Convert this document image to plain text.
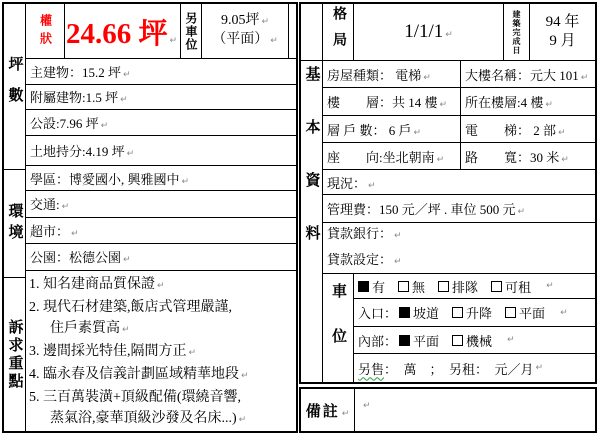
坪數
環境
訴求重點
權狀 24.66 坪 ↵ 另車位 9.05坪 ↵
（平面） ↵
主建物：15.2 坪 ↵
附屬建物:1.5 坪 ↵
公設:7.96 坪 ↵
土地持分:4.19 坪 ↵
學區：博愛國小, 興雅國中 ↵
交通: ↵
超市： ↵
公園：松德公園 ↵
1. 知名建商品質保證 ↵
2. 現代石材建築,飯店式管理嚴謹,
住戶素質高 ↵
3. 邊間採光特佳,隔間方正 ↵
4. 臨永春及信義計劃區域精華地段 ↵
5. 三百萬裝潢+頂級配備(環繞音響,
蒸氣浴,豪華頂級沙發及名床...) ↵
基本資料
格局	1/1/1 ↵	建築完成日 94 年
9 月
房屋種類： 電梯 ↵	大樓名稱：元大 101 ↵
樓　　層：共 14 樓 ↵	所在樓層:4 樓 ↵
層 戶 數： 6 戶 ↵	電　　梯： 2 部 ↵
座　　向:坐北朝南 ↵	路　　寬：30 米 ↵
現況： ↵
管理費：150 元／坪 . 車位 500 元 ↵
貸款銀行： ↵
貸款設定： ↵
車位 有 無 排隊 可租 ↵
入口： 坡道 升降 平面 ↵
內部： 平面 機械 ↵
另售 ：　萬　；　另租：　元／月 ↵
備註 ↵
↵
